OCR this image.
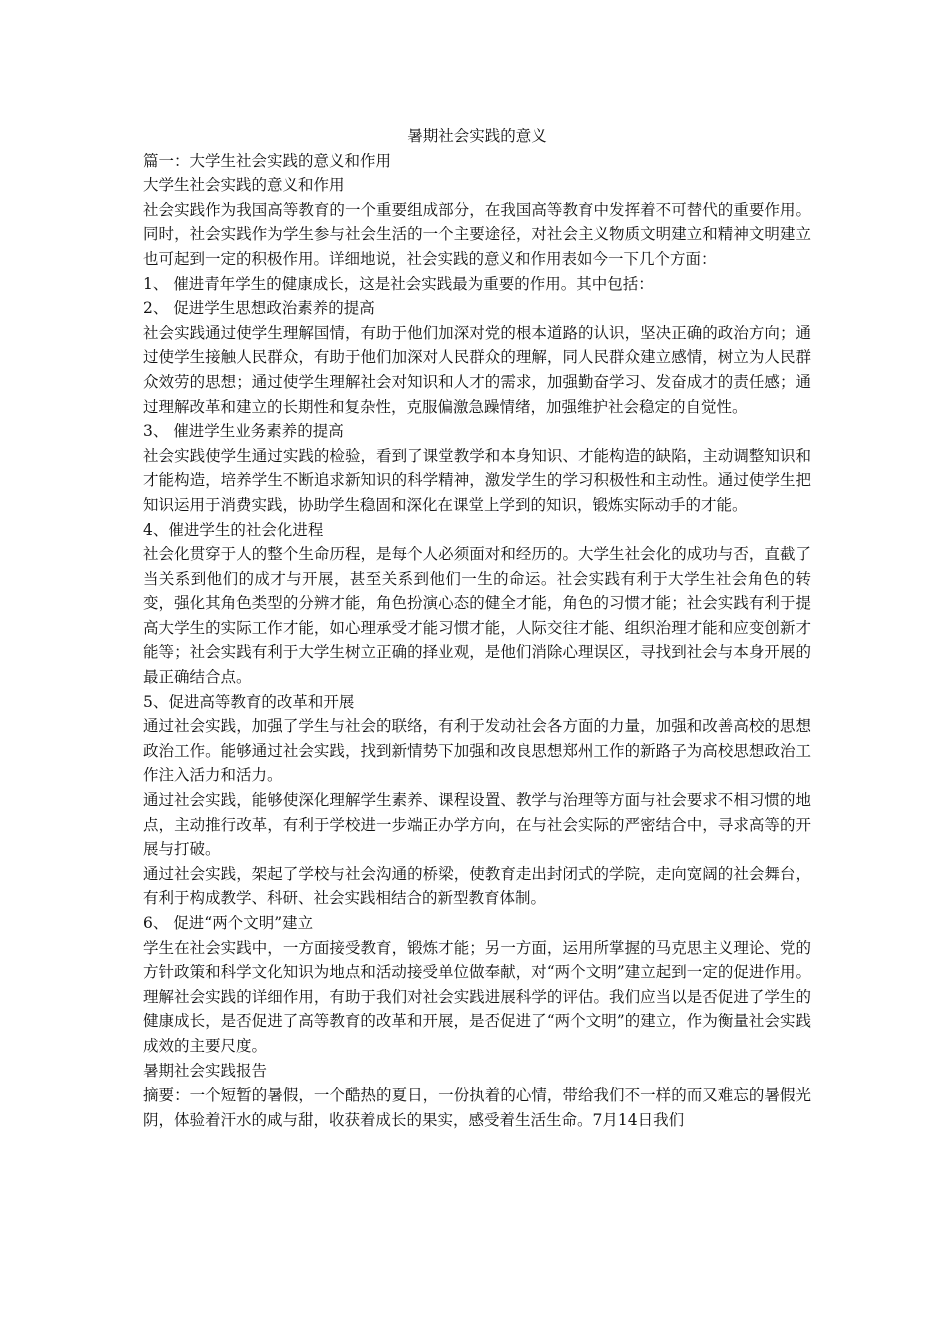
暑期社会实践的意义

篇一：大学生社会实践的意义和作用

大学生社会实践的意义和作用

社会实践作为我国高等教育的一个重要组成部分，在我国高等教育中发挥着不可替代的重要作用。同时，社会实践作为学生参与社会生活的一个主要途径，对社会主义物质文明建立和精神文明建立也可起到一定的积极作用。详细地说，社会实践的意义和作用表如今一下几个方面：

1、 催进青年学生的健康成长，这是社会实践最为重要的作用。其中包括：

2、 促进学生思想政治素养的提高

社会实践通过使学生理解国情，有助于他们加深对党的根本道路的认识，坚决正确的政治方向；通过使学生接触人民群众，有助于他们加深对人民群众的理解，同人民群众建立感情，树立为人民群众效劳的思想；通过使学生理解社会对知识和人才的需求，加强勤奋学习、发奋成才的责任感；通过理解改革和建立的长期性和复杂性，克服偏激急躁情绪，加强维护社会稳定的自觉性。

3、 催进学生业务素养的提高

社会实践使学生通过实践的检验，看到了课堂教学和本身知识、才能构造的缺陷，主动调整知识和才能构造，培养学生不断追求新知识的科学精神，激发学生的学习积极性和主动性。通过使学生把知识运用于消费实践，协助学生稳固和深化在课堂上学到的知识，锻炼实际动手的才能。

4、催进学生的社会化进程

社会化贯穿于人的整个生命历程，是每个人必须面对和经历的。大学生社会化的成功与否，直截了当关系到他们的成才与开展，甚至关系到他们一生的命运。社会实践有利于大学生社会角色的转变，强化其角色类型的分辨才能，角色扮演心态的健全才能，角色的习惯才能；社会实践有利于提高大学生的实际工作才能，如心理承受才能习惯才能，人际交往才能、组织治理才能和应变创新才能等；社会实践有利于大学生树立正确的择业观，是他们消除心理误区，寻找到社会与本身开展的最正确结合点。

5、促进高等教育的改革和开展

通过社会实践，加强了学生与社会的联络，有利于发动社会各方面的力量，加强和改善高校的思想政治工作。能够通过社会实践，找到新情势下加强和改良思想郑州工作的新路子为高校思想政治工作注入活力和活力。

通过社会实践，能够使深化理解学生素养、课程设置、教学与治理等方面与社会要求不相习惯的地点，主动推行改革，有利于学校进一步端正办学方向，在与社会实际的严密结合中，寻求高等的开展与打破。

通过社会实践，架起了学校与社会沟通的桥梁，使教育走出封闭式的学院，走向宽阔的社会舞台，有利于构成教学、科研、社会实践相结合的新型教育体制。

6、 促进“两个文明”建立

学生在社会实践中，一方面接受教育，锻炼才能；另一方面，运用所掌握的马克思主义理论、党的方针政策和科学文化知识为地点和活动接受单位做奉献，对“两个文明”建立起到一定的促进作用。理解社会实践的详细作用，有助于我们对社会实践进展科学的评估。我们应当以是否促进了学生的健康成长，是否促进了高等教育的改革和开展，是否促进了“两个文明”的建立，作为衡量社会实践成效的主要尺度。

暑期社会实践报告

摘要：一个短暂的暑假，一个酷热的夏日，一份执着的心情，带给我们不一样的而又难忘的暑假光阴，体验着汗水的咸与甜，收获着成长的果实，感受着生活生命。7月14日我们
